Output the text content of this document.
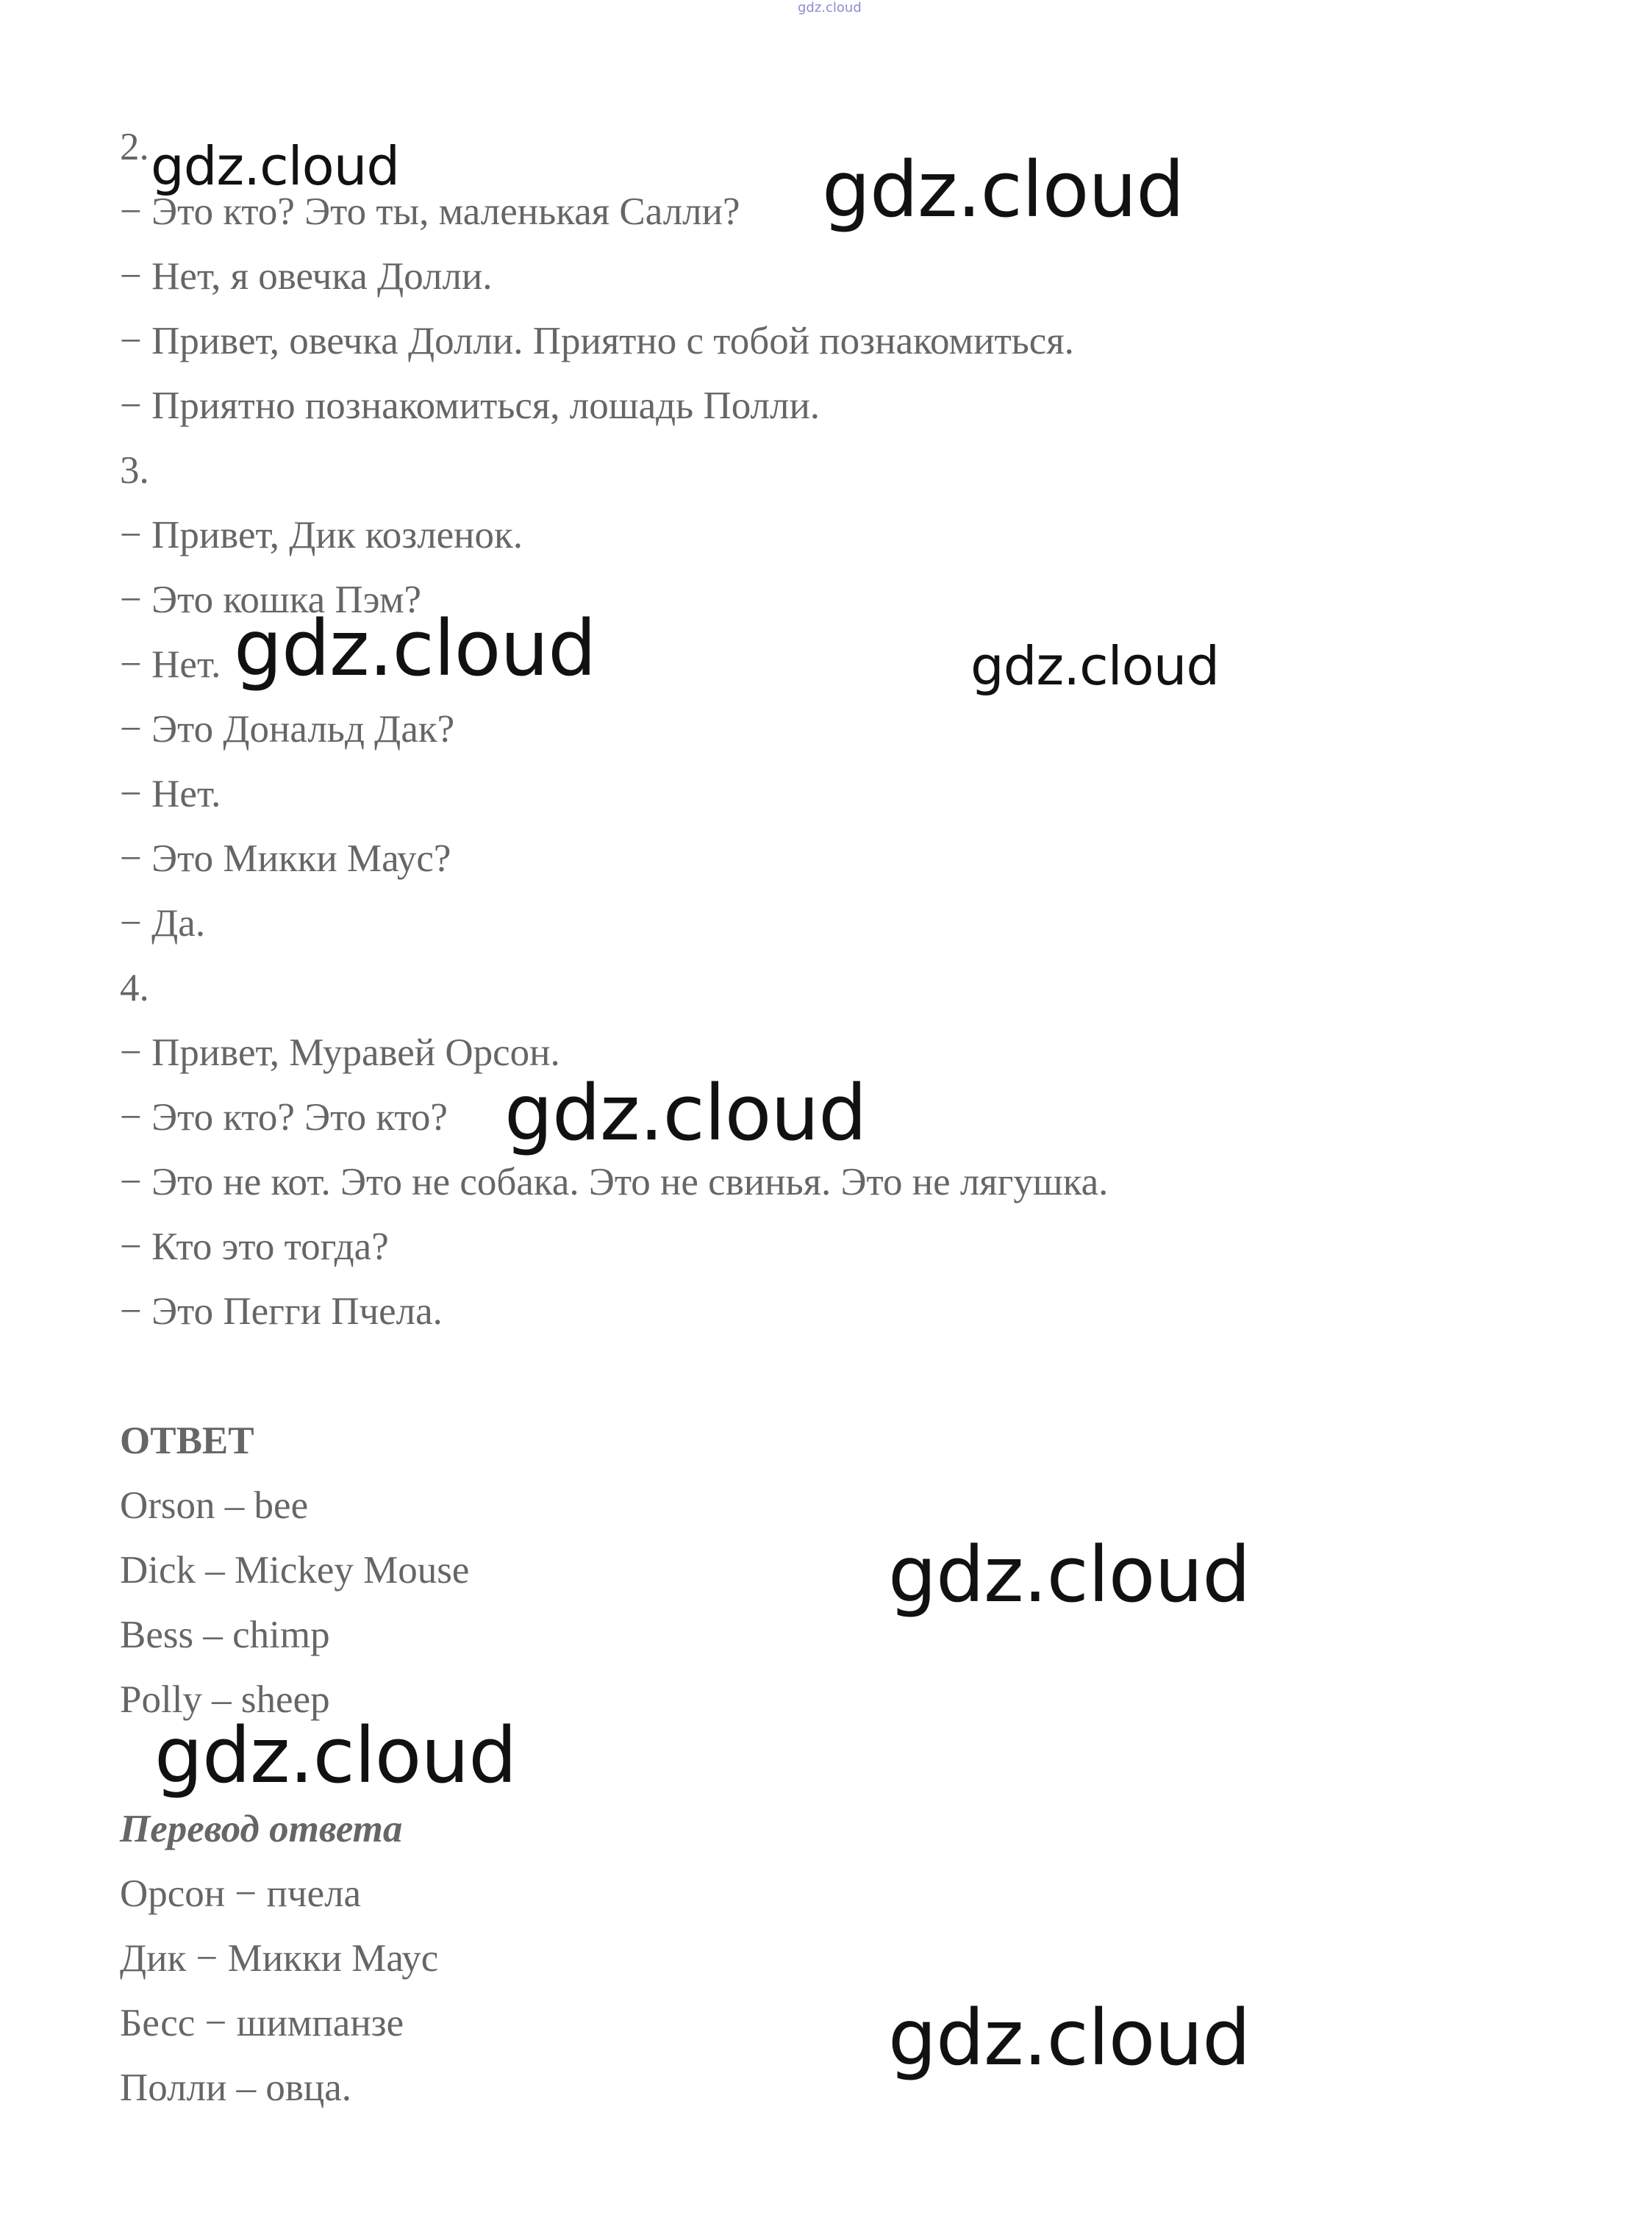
gdz.cloud
2.
− Это кто? Это ты, маленькая Салли?
− Нет, я овечка Долли.
− Привет, овечка Долли. Приятно с тобой познакомиться.
− Приятно познакомиться, лошадь Полли.
3.
− Привет, Дик козленок.
− Это кошка Пэм?
− Нет.
− Это Дональд Дак?
− Нет.
− Это Микки Маус?
− Да.
4.
− Привет, Муравей Орсон.
− Это кто? Это кто?
− Это не кот. Это не собака. Это не свинья. Это не лягушка.
− Кто это тогда?
− Это Пегги Пчела.
ОТВЕТ
Orson – bee
Dick – Mickey Mouse
Bess – chimp
Polly – sheep
Перевод ответа
Орсон − пчела
Дик − Микки Маус
Бесс − шимпанзе
Полли – овца.
gdz.cloud	gdz.cloud
gdz.cloud	gdz.cloud
gdz.cloud
gdz.cloud
gdz.cloud
gdz.cloud
